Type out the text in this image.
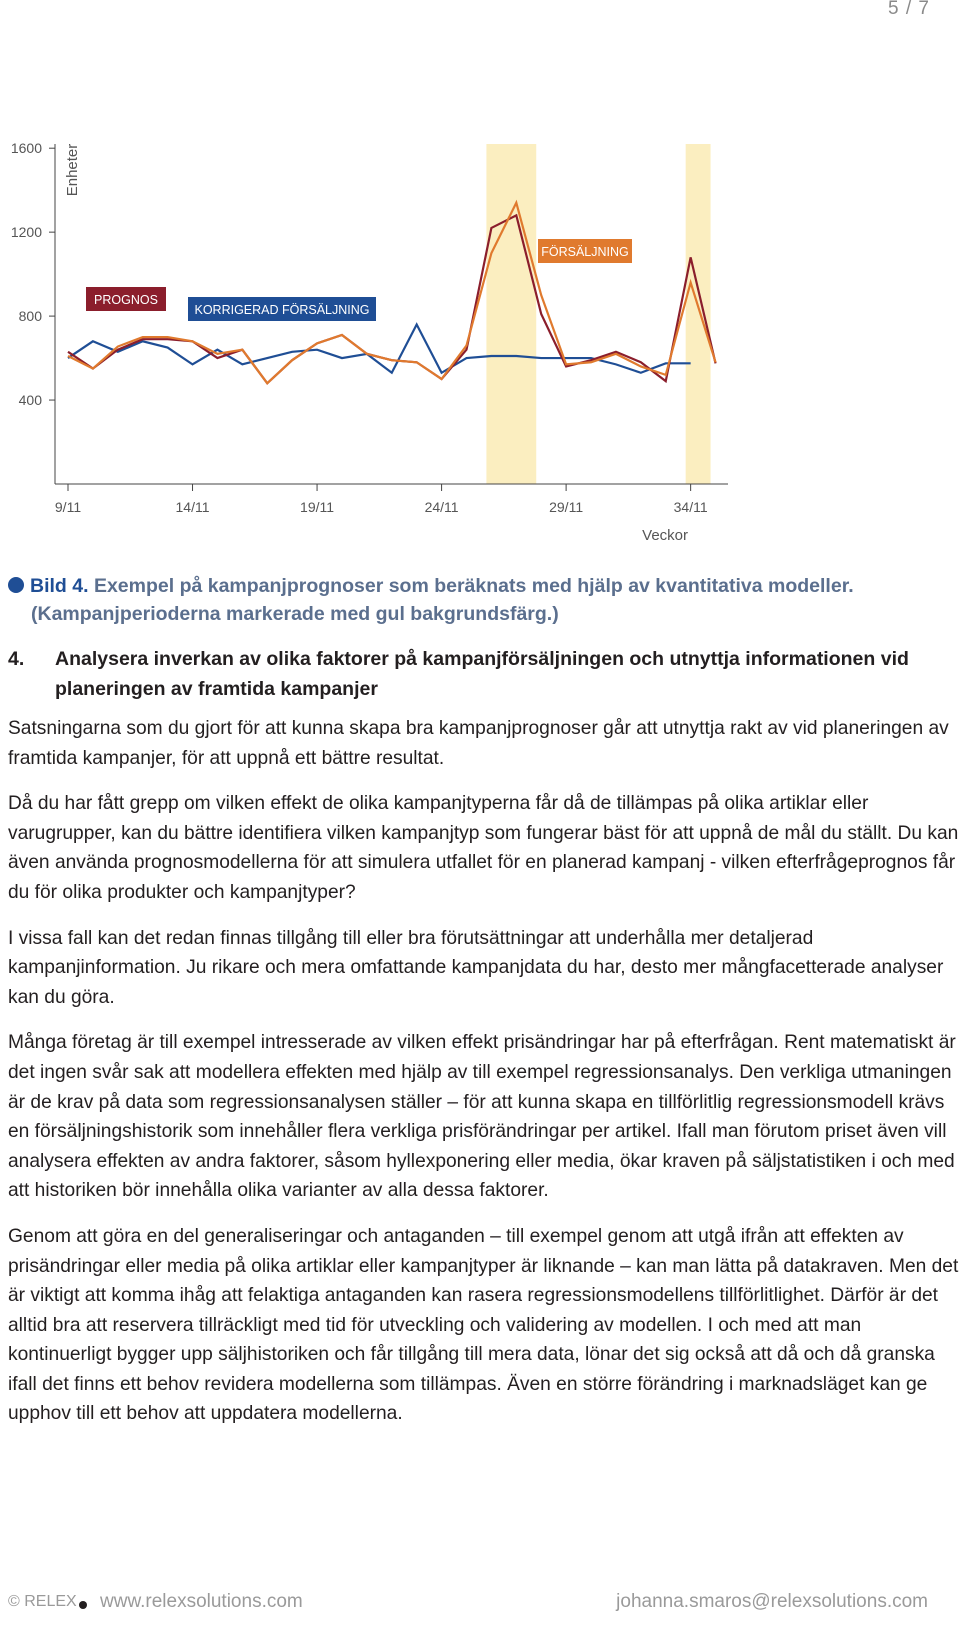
5 / 7
400
800
1200
1600
9/11	14/11	19/11	24/11	29/11	34/11
Enheter
Veckor
PROGNOS
KORRIGERAD FÖRSÄLJNING
FÖRSÄLJNING
Bild 4. Exempel på kampanjprognoser som beräknats med hjälp av kvantitativa modeller.
(Kampanjperioderna markerade med gul bakgrundsfärg.)
4.	Analysera inverkan av olika faktorer på kampanjförsäljningen och utnyttja informationen vid planeringen av framtida kampanjer

Satsningarna som du gjort för att kunna skapa bra kampanjprognoser går att utnyttja rakt av vid planeringen av framtida kampanjer, för att uppnå ett bättre resultat.

Då du har fått grepp om vilken effekt de olika kampanjtyperna får då de tillämpas på olika artiklar eller varugrupper, kan du bättre identifiera vilken kampanjtyp som fungerar bäst för att uppnå de mål du ställt. Du kan även använda prognosmodellerna för att simulera utfallet för en planerad kampanj - vilken efterfrågeprognos får du för olika produkter och kampanjtyper?

I vissa fall kan det redan finnas tillgång till eller bra förutsättningar att underhålla mer detaljerad kampanjinformation. Ju rikare och mera omfattande kampanjdata du har, desto mer mångfacetterade analyser kan du göra.

Många företag är till exempel intresserade av vilken effekt prisändringar har på efterfrågan. Rent matematiskt är det ingen svår sak att modellera effekten med hjälp av till exempel regressionsanalys. Den verkliga utmaningen är de krav på data som regressionsanalysen ställer – för att kunna skapa en tillförlitlig regressionsmodell krävs en försäljningshistorik som innehåller flera verkliga prisförändringar per artikel. Ifall man förutom priset även vill analysera effekten av andra faktorer, såsom hyllexponering eller media, ökar kraven på säljstatistiken i och med att historiken bör innehålla olika varianter av alla dessa faktorer.

Genom att göra en del generaliseringar och antaganden – till exempel genom att utgå ifrån att effekten av prisändringar eller media på olika artiklar eller kampanjtyper är liknande – kan man lätta på datakraven. Men det är viktigt att komma ihåg att felaktiga antaganden kan rasera regressionsmodellens tillförlitlighet. Därför är det alltid bra att reservera tillräckligt med tid för utveckling och validering av modellen. I och med att man kontinuerligt bygger upp säljhistoriken och får tillgång till mera data, lönar det sig också att då och då granska ifall det finns ett behov revidera modellerna som tillämpas. Även en större förändring i marknadsläget kan ge upphov till ett behov att uppdatera modellerna.

© RELEX www.relexsolutions.com	johanna.smaros@relexsolutions.com
